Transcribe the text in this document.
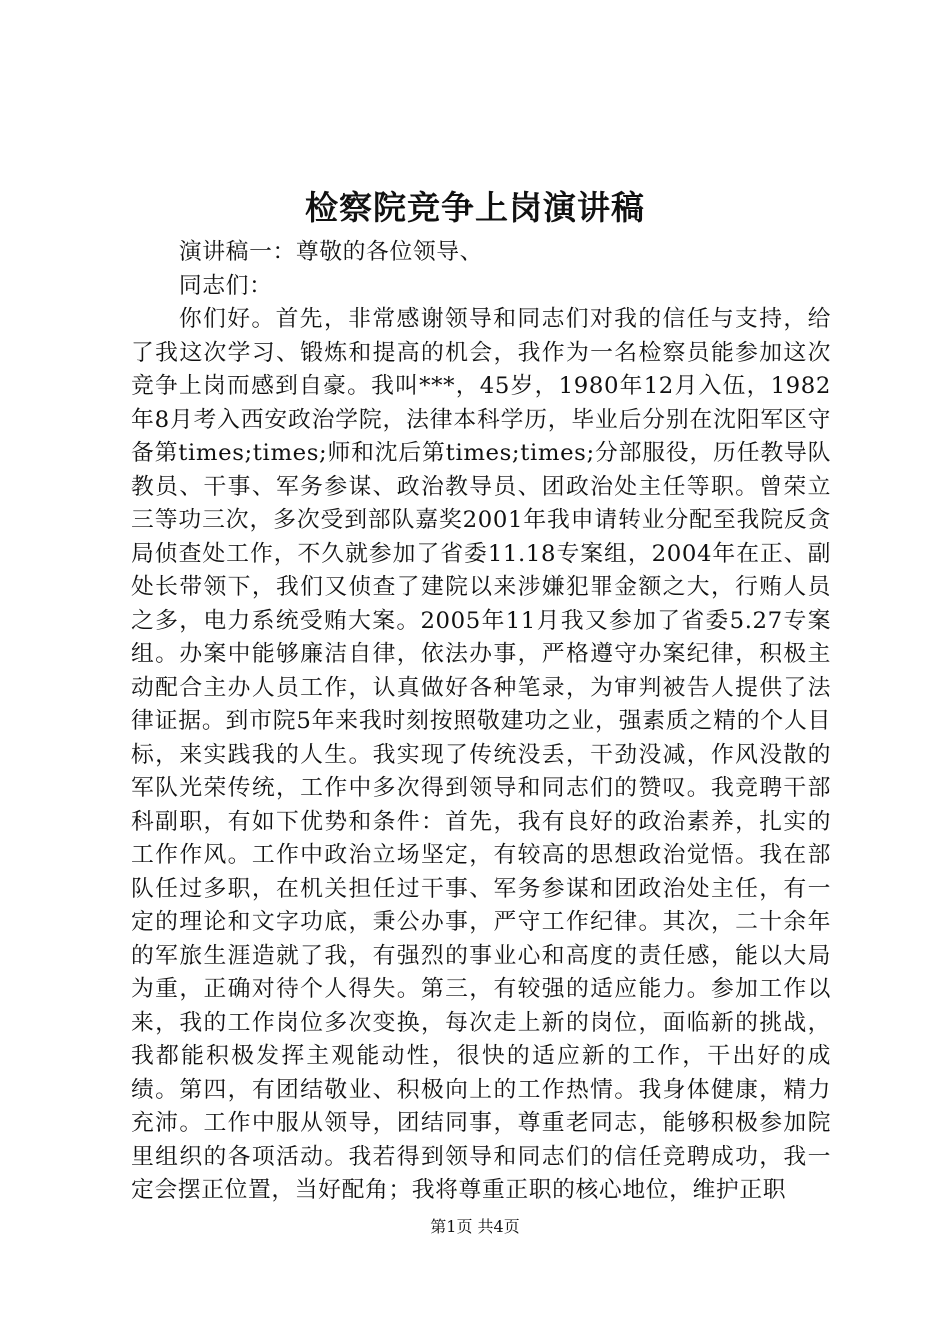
检察院竞争上岗演讲稿

演讲稿一：尊敬的各位领导、

同志们：

你们好。首先，非常感谢领导和同志们对我的信任与支持，给了我这次学习、锻炼和提高的机会，我作为一名检察员能参加这次竞争上岗而感到自豪。我叫***，45岁，1980年12月入伍，1982年8月考入西安政治学院，法律本科学历，毕业后分别在沈阳军区守备第times;times;师和沈后第times;times;分部服役，历任教导队教员、干事、军务参谋、政治教导员、团政治处主任等职。曾荣立三等功三次，多次受到部队嘉奖2001年我申请转业分配至我院反贪局侦查处工作，不久就参加了省委11.18专案组，2004年在正、副处长带领下，我们又侦查了建院以来涉嫌犯罪金额之大，行贿人员之多，电力系统受贿大案。2005年11月我又参加了省委5.27专案组。办案中能够廉洁自律，依法办事，严格遵守办案纪律，积极主动配合主办人员工作，认真做好各种笔录，为审判被告人提供了法律证据。到市院5年来我时刻按照敬建功之业，强素质之精的个人目标，来实践我的人生。我实现了传统没丢，干劲没减，作风没散的军队光荣传统，工作中多次得到领导和同志们的赞叹。我竞聘干部科副职，有如下优势和条件：首先，我有良好的政治素养，扎实的工作作风。工作中政治立场坚定，有较高的思想政治觉悟。我在部队任过多职，在机关担任过干事、军务参谋和团政治处主任，有一定的理论和文字功底，秉公办事，严守工作纪律。其次，二十余年的军旅生涯造就了我，有强烈的事业心和高度的责任感，能以大局为重，正确对待个人得失。第三，有较强的适应能力。参加工作以来，我的工作岗位多次变换，每次走上新的岗位，面临新的挑战，我都能积极发挥主观能动性，很快的适应新的工作，干出好的成绩。第四，有团结敬业、积极向上的工作热情。我身体健康，精力充沛。工作中服从领导，团结同事，尊重老同志，能够积极参加院里组织的各项活动。我若得到领导和同志们的信任竞聘成功，我一定会摆正位置，当好配角；我将尊重正职的核心地位，维护正职

第1页 共4页
